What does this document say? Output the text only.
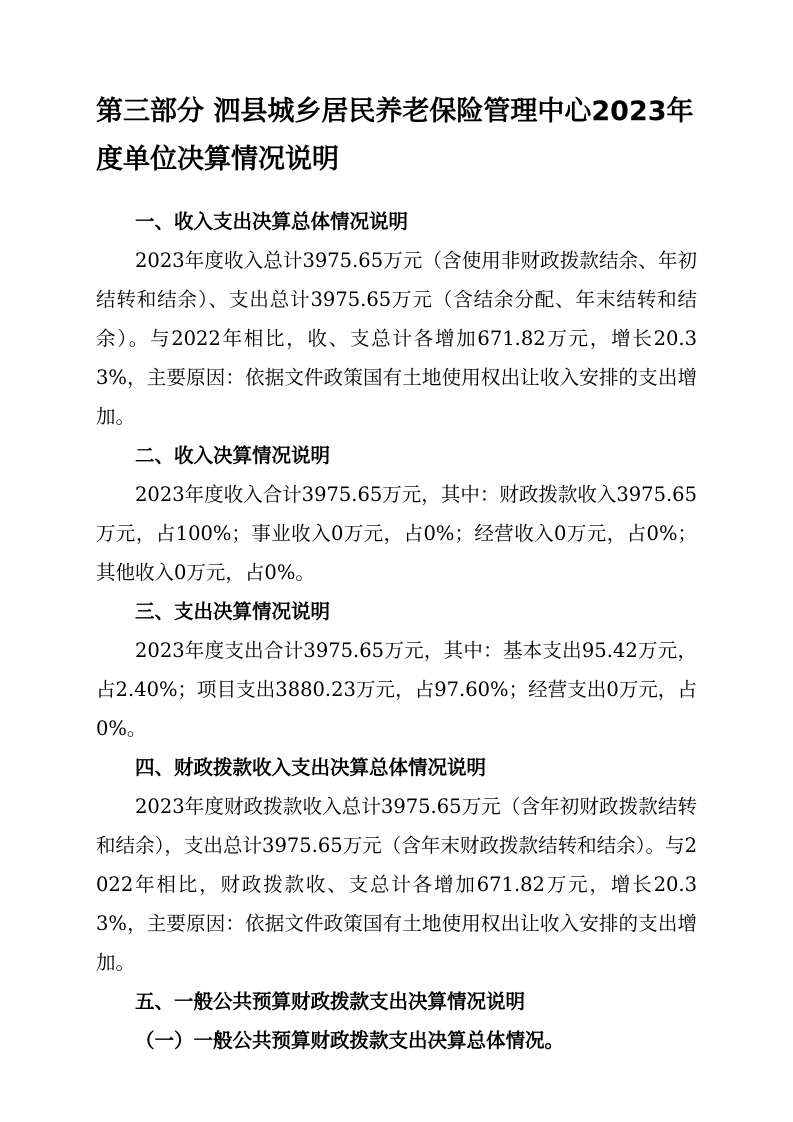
第三部分 泗县城乡居民养老保险管理中心2023年度单位决算情况说明
一、收入支出决算总体情况说明

2023年度收入总计3975.65万元（含使用非财政拨款结余、年初结转和结余）、支出总计3975.65万元（含结余分配、年末结转和结余）。与2022年相比，收、支总计各增加671.82万元，增长20.33%，主要原因：依据文件政策国有土地使用权出让收入安排的支出增加。

二、收入决算情况说明

2023年度收入合计3975.65万元，其中：财政拨款收入3975.65万元，占100%；事业收入0万元，占0%；经营收入0万元，占0%；其他收入0万元，占0%。

三、支出决算情况说明

2023年度支出合计3975.65万元，其中：基本支出95.42万元，占2.40%；项目支出3880.23万元，占97.60%；经营支出0万元，占0%。

四、财政拨款收入支出决算总体情况说明

2023年度财政拨款收入总计3975.65万元（含年初财政拨款结转和结余），支出总计3975.65万元（含年末财政拨款结转和结余）。与2022年相比，财政拨款收、支总计各增加671.82万元，增长20.33%，主要原因：依据文件政策国有土地使用权出让收入安排的支出增加。

五、一般公共预算财政拨款支出决算情况说明
（一）一般公共预算财政拨款支出决算总体情况。
